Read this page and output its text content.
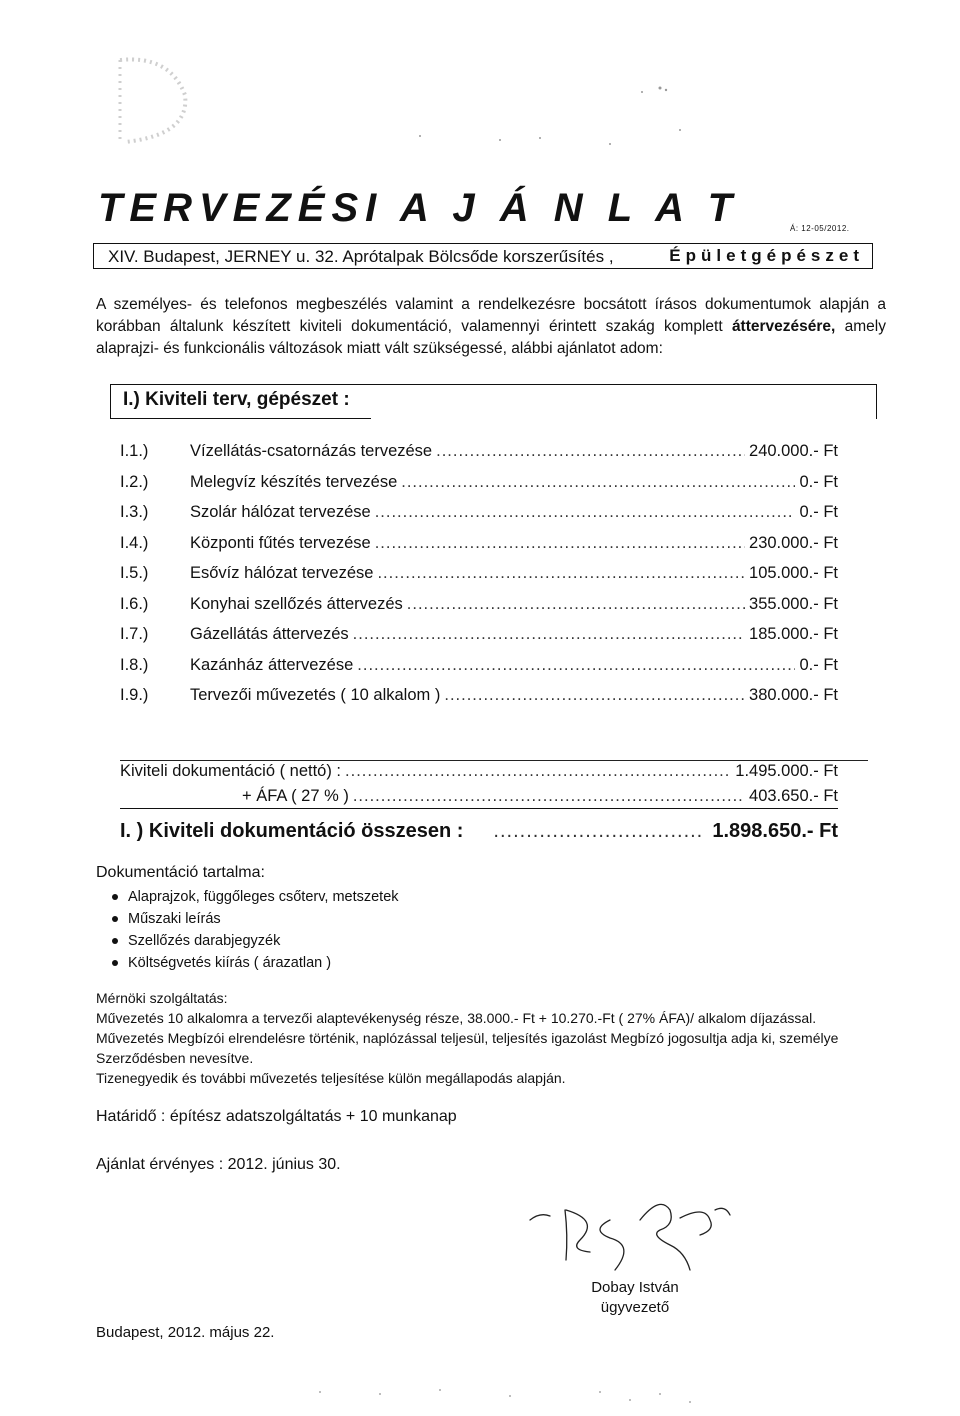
TERVEZÉSI A J Á N L A T	Á: 12-05/2012.
XIV. Budapest, JERNEY u. 32. Aprótalpak Bölcsőde korszerűsítés ,	Épületgépészet
A személyes- és telefonos megbeszélés valamint a rendelkezésre bocsátott írásos dokumentumok alapján a korábban általunk készített kiviteli dokumentáció, valamennyi érintett szakág komplett áttervezésére, amely alaprajzi- és funkcionális változások miatt vált szükségessé, alábbi ajánlatot adom:
I.) Kiviteli terv, gépészet :
I.1.)	Vízellátás-csatornázás tervezése .....	240.000.- Ft
I.2.)	Melegvíz készítés tervezése .....	0.- Ft
I.3.)	Szolár hálózat tervezése .....	0.- Ft
I.4.)	Központi fűtés tervezése .....	230.000.- Ft
I.5.)	Esővíz hálózat tervezése .....	105.000.- Ft
I.6.)	Konyhai szellőzés áttervezés .....	355.000.- Ft
I.7.)	Gázellátás áttervezés .....	185.000.- Ft
I.8.)	Kazánház áttervezése .....	0.- Ft
I.9.)	Tervezői művezetés ( 10 alkalom ) .....	380.000.- Ft
Kiviteli dokumentáció ( nettó) : .....	1.495.000.- Ft
+ ÁFA ( 27 % ) .....	403.650.- Ft
I. ) Kiviteli dokumentáció összesen : .....	1.898.650.- Ft
Dokumentáció tartalma:
Alaprajzok, függőleges csőterv, metszetek
Műszaki leírás
Szellőzés darabjegyzék
Költségvetés kiírás ( árazatlan )
Mérnöki szolgáltatás:
Művezetés 10 alkalomra a tervezői alaptevékenység része, 38.000.- Ft + 10.270.-Ft ( 27% ÁFA)/ alkalom díjazással.
Művezetés Megbízói elrendelésre történik, naplózással teljesül, teljesítés igazolást Megbízó jogosultja adja ki, személye Szerződésben nevesítve.
Tizenegyedik és további művezetés teljesítése külön megállapodás alapján.
Határidő : építész adatszolgáltatás + 10 munkanap
Ajánlat érvényes : 2012. június 30.
Dobay István
ügyvezető
Budapest, 2012. május 22.
